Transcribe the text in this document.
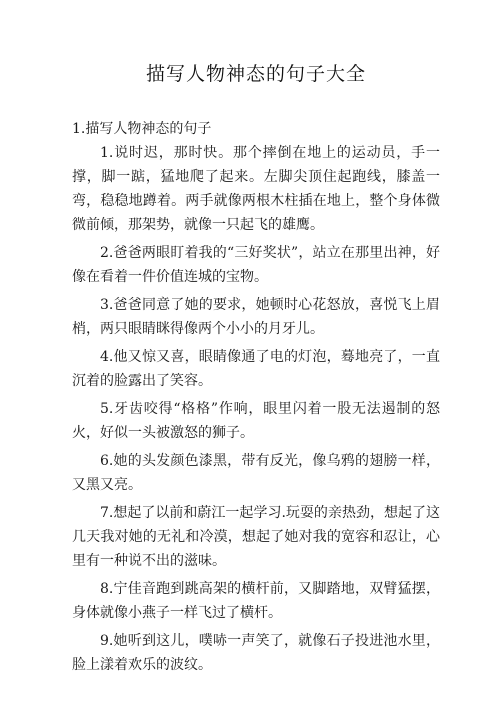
描写人物神态的句子大全
1.描写人物神态的句子

1.说时迟，那时快。那个摔倒在地上的运动员，手一撑，脚一踮，猛地爬了起来。左脚尖顶住起跑线，膝盖一弯，稳稳地蹲着。两手就像两根木柱插在地上，整个身体微微前倾，那架势，就像一只起飞的雄鹰。

2.爸爸两眼盯着我的“三好奖状”，站立在那里出神，好像在看着一件价值连城的宝物。

3.爸爸同意了她的要求，她顿时心花怒放，喜悦飞上眉梢，两只眼睛眯得像两个小小的月牙儿。

4.他又惊又喜，眼睛像通了电的灯泡，蓦地亮了，一直沉着的脸露出了笑容。

5.牙齿咬得“格格”作响，眼里闪着一股无法遏制的怒火，好似一头被激怒的狮子。

6.她的头发颜色漆黑，带有反光，像乌鸦的翅膀一样，又黑又亮。

7.想起了以前和蔚江一起学习.玩耍的亲热劲，想起了这几天我对她的无礼和冷漠，想起了她对我的宽容和忍让，心里有一种说不出的滋味。

8.宁佳音跑到跳高架的横杆前，又脚踏地，双臂猛摆，身体就像小燕子一样飞过了横杆。

9.她听到这儿，噗哧一声笑了，就像石子投进池水里，脸上漾着欢乐的波纹。
